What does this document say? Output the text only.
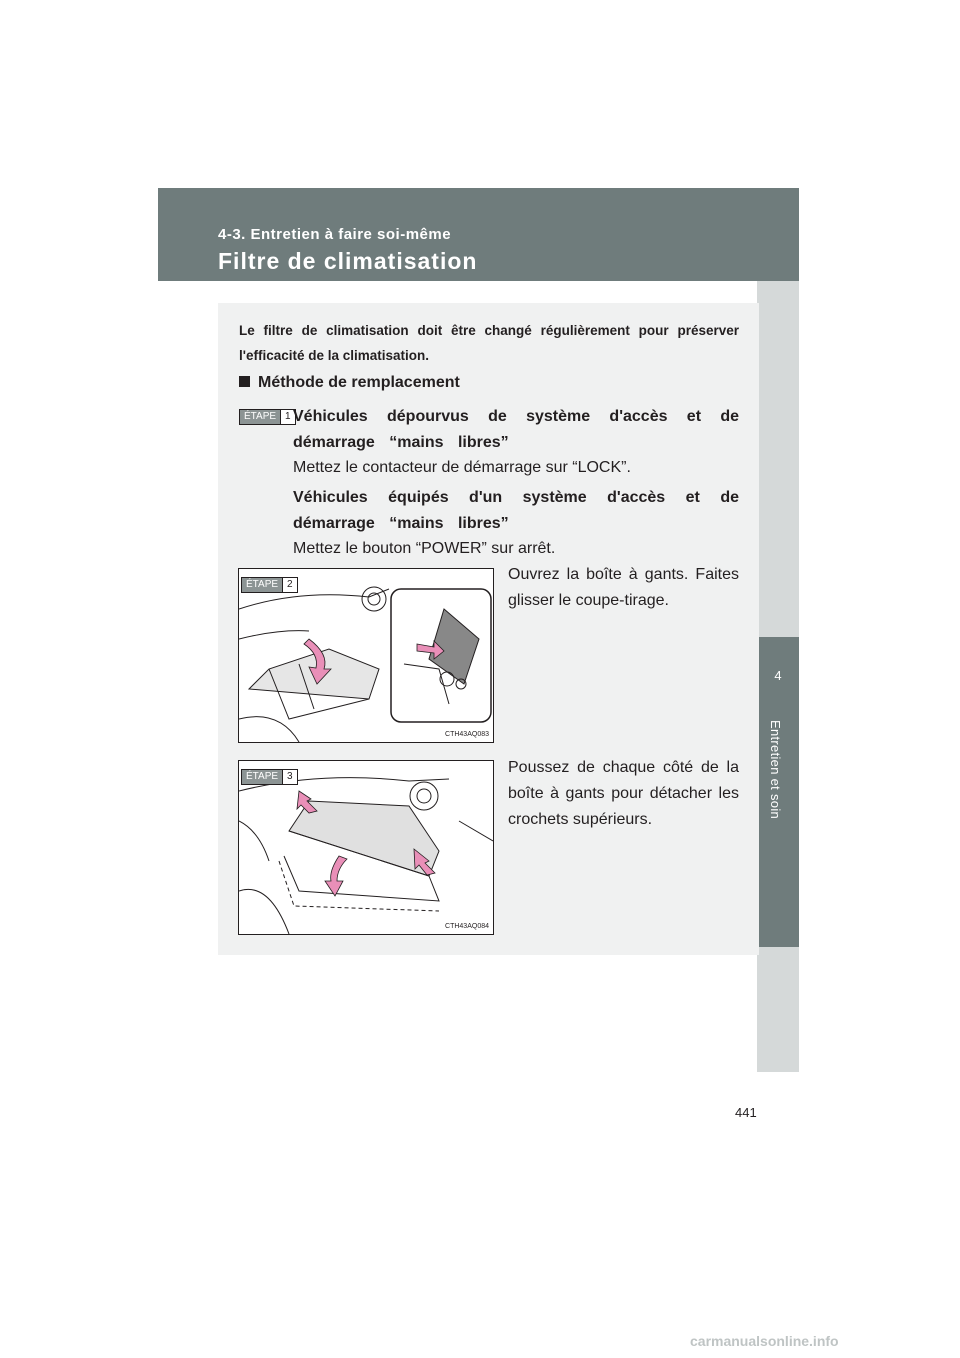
4-3. Entretien à faire soi-même
Filtre de climatisation
4
Entretien et soin
Le filtre de climatisation doit être changé régulièrement pour préserver l'efficacité de la climatisation.
Méthode de remplacement
ÉTAPE 1 Véhicules dépourvus de système d'accès et de démarrage “mains libres”
Mettez le contacteur de démarrage sur “LOCK”.
Véhicules équipés d'un système d'accès et de démarrage “mains libres”
Mettez le bouton “POWER” sur arrêt.
ÉTAPE 2
CTH43AQ083
Ouvrez la boîte à gants. Faites glisser le coupe-tirage.
ÉTAPE 3
CTH43AQ084
Poussez de chaque côté de la boîte à gants pour détacher les crochets supérieurs.
441
carmanualsonline.info
